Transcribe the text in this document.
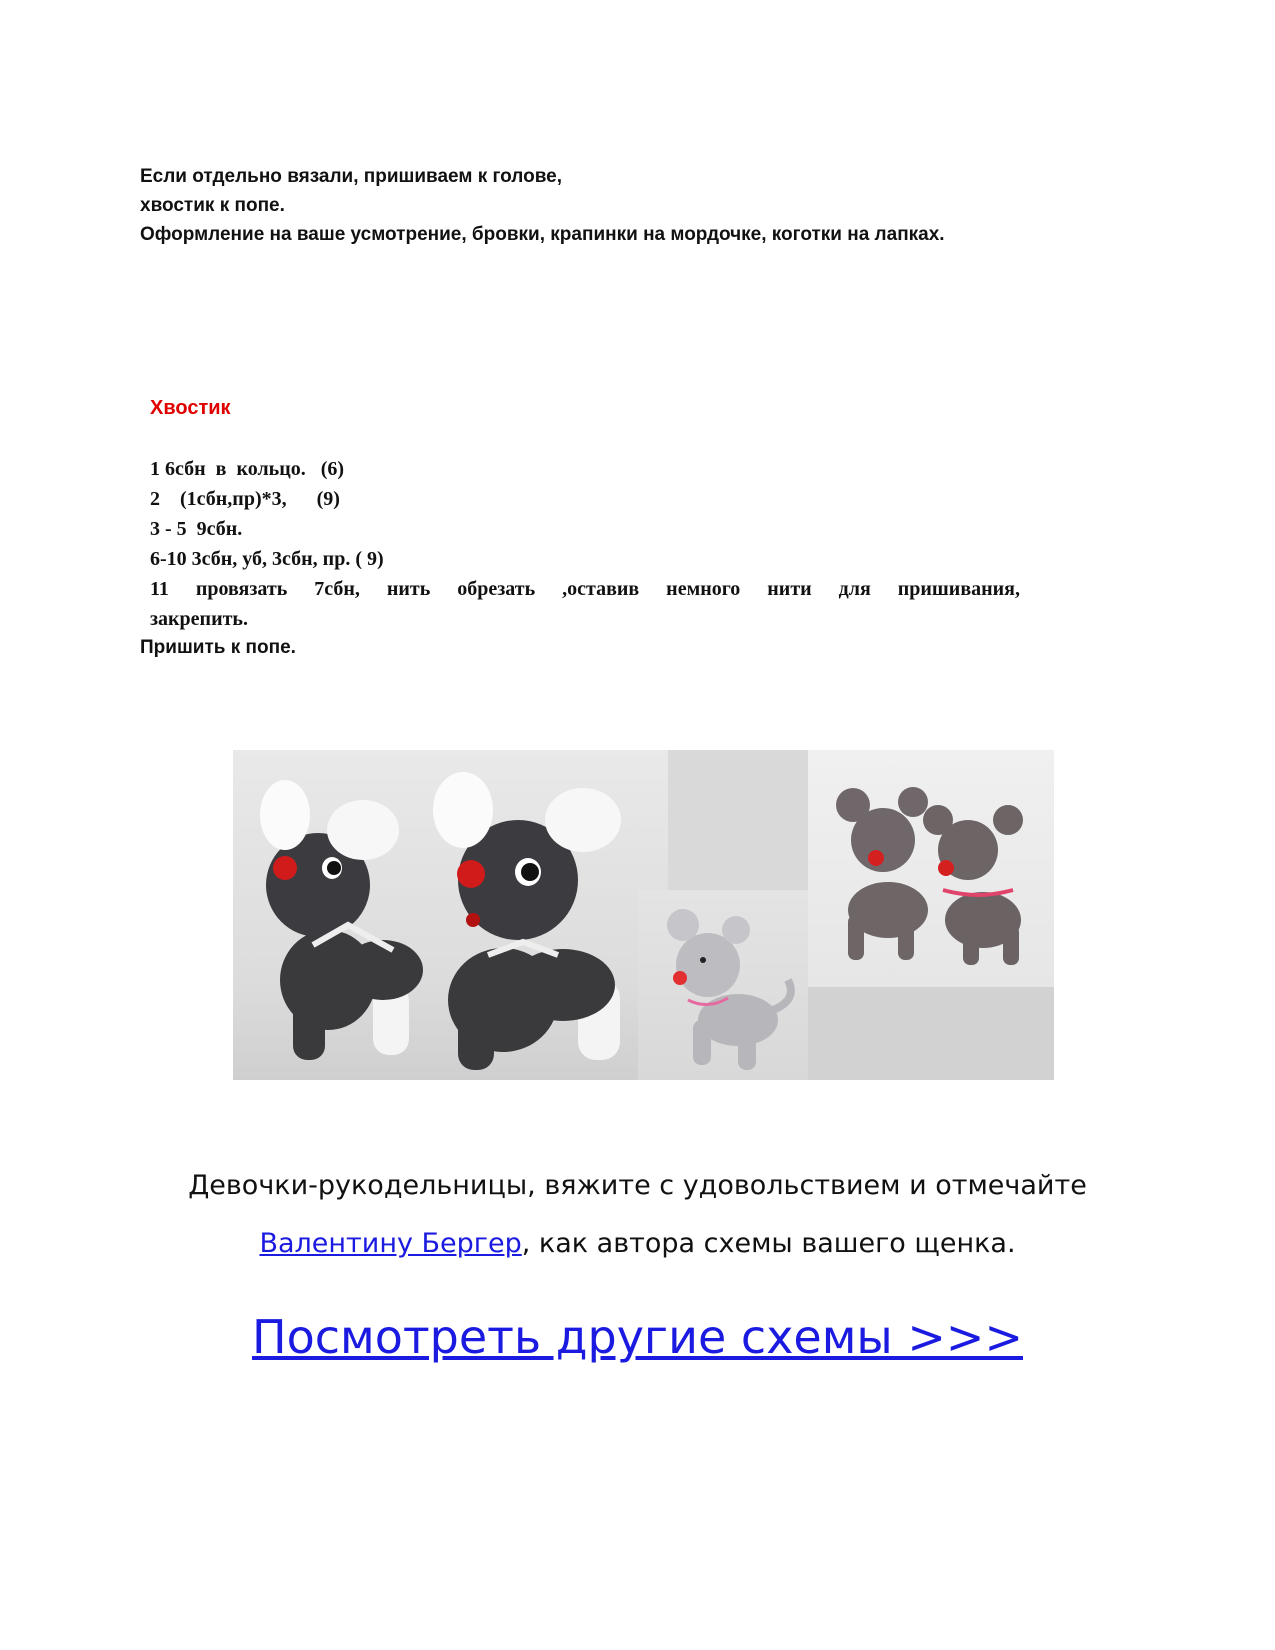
Если отдельно вязали, пришиваем к голове,
хвостик к попе.
Оформление на ваше усмотрение, бровки, крапинки на мордочке, коготки на лапках.
Хвостик
1 6сбн  в  кольцо.   (6)
2    (1сбн,пр)*3,      (9)
3 - 5  9сбн.
6-10 3сбн, уб, 3сбн, пр. ( 9)
11 провязать 7сбн, нить обрезать ,оставив немного нити для пришивания,
закрепить.
Пришить к попе.
Девочки-рукодельницы, вяжите с удовольствием и отмечайте
Валентину Бергер, как автора схемы вашего щенка.
Посмотреть другие схемы >>>
